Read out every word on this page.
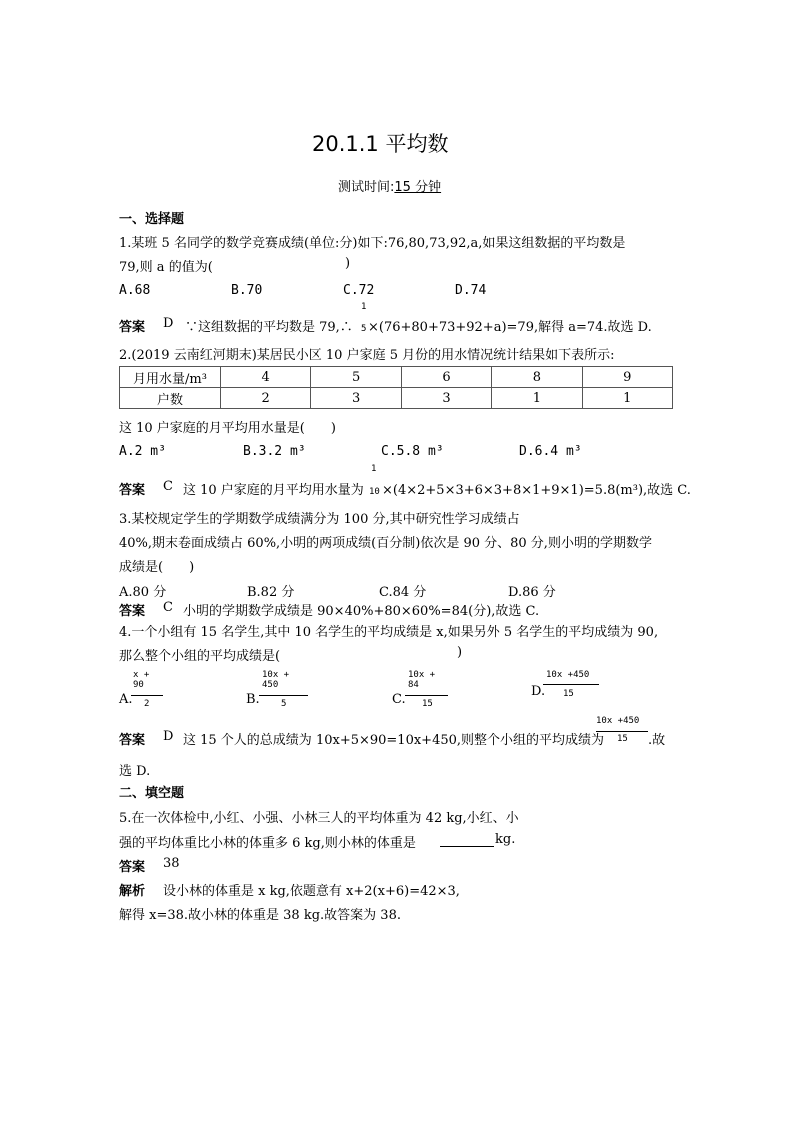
20.1.1 平均数
测试时间:15 分钟
一、选择题
1.某班 5 名同学的数学竞赛成绩(单位:分)如下:76,80,73,92,a,如果这组数据的平均数是
79,则 a 的值为(	)
A.68	B.70	C.72	D.74
答案 D ∵这组数据的平均数是 79,∴
1
5 ×(76+80+73+92+a)=79,解得 a=74.故选 D.
2.(2019 云南红河期末)某居民小区 10 户家庭 5 月份的用水情况统计结果如下表所示:
月用水量/m³	4	5	6	8	9
户数	2	3	3	1	1
这 10 户家庭的月平均用水量是(　　)
A.2 m³	B.3.2 m³	C.5.8 m³	D.6.4 m³
答案 C 这 10 户家庭的月平均用水量为
1
10 ×(4×2+5×3+6×3+8×1+9×1)=5.8(m³),故选 C.
3.某校规定学生的学期数学成绩满分为 100 分,其中研究性学习成绩占
40%,期末卷面成绩占 60%,小明的两项成绩(百分制)依次是 90 分、80 分,则小明的学期数学
成绩是(　　)
A.80 分	B.82 分	C.84 分	D.86 分
答案 C 小明的学期数学成绩是 90×40%+80×60%=84(分),故选 C.
4.一个小组有 15 名学生,其中 10 名学生的平均成绩是 x,如果另外 5 名学生的平均成绩为 90,
那么整个小组的平均成绩是(	)
A.
x +
90
2	B.
10x +
450
5	C.
10x +
84
15
D.
10x +450
15
答案 D 这 15 个人的总成绩为 10x+5×90=10x+450,则整个小组的平均成绩为
10x +450
15 .故
选 D.
二、填空题
5.在一次体检中,小红、小强、小林三人的平均体重为 42 kg,小红、小
强的平均体重比小林的体重多 6 kg,则小林的体重是	kg.
答案 38
解析 设小林的体重是 x kg,依题意有 x+2(x+6)=42×3,
解得 x=38.故小林的体重是 38 kg.故答案为 38.
